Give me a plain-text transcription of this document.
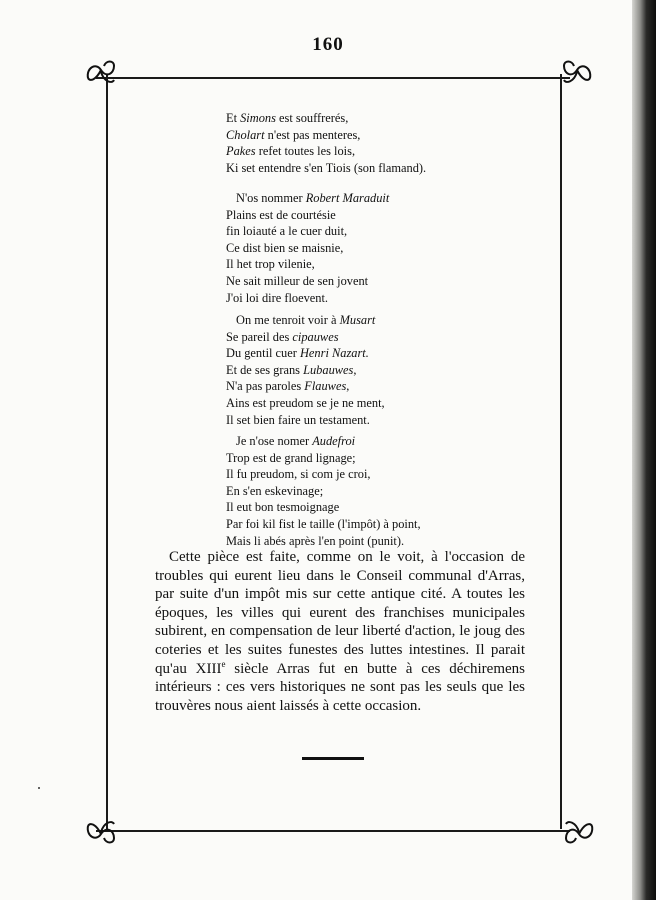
160
Et Simons est souffrerés,
Cholart n'est pas menteres,
Pakes refet toutes les lois,
Ki set entendre s'en Tiois (son flamand).
N'os nommer Robert Maraduit
Plains est de courtésie
fin loiauté a le cuer duit,
Ce dist bien se maisnie,
Il het trop vilenie,
Ne sait milleur de sen jovent
J'oi loi dire floevent.
On me tenroit voir à Musart
Se pareil des cipauwes
Du gentil cuer Henri Nazart.
Et de ses grans Lubauwes,
N'a pas paroles Flauwes,
Ains est preudom se je ne ment,
Il set bien faire un testament.
Je n'ose nomer Audefroi
Trop est de grand lignage;
Il fu preudom, si com je croi,
En s'en eskevinage;
Il eut bon tesmoignage
Par foi kil fist le taille (l'impôt) à point,
Mais li abés après l'en point (punit).

Cette pièce est faite, comme on le voit, à l'occasion de troubles qui eurent lieu dans le Conseil communal d'Arras, par suite d'un impôt mis sur cette antique cité. A toutes les époques, les villes qui eurent des franchises municipales subirent, en compensation de leur liberté d'action, le joug des coteries et les suites funestes des luttes intestines. Il parait qu'au XIIIe siècle Arras fut en butte à ces déchiremens intérieurs : ces vers historiques ne sont pas les seuls que les trouvères nous aient laissés à cette occasion.
